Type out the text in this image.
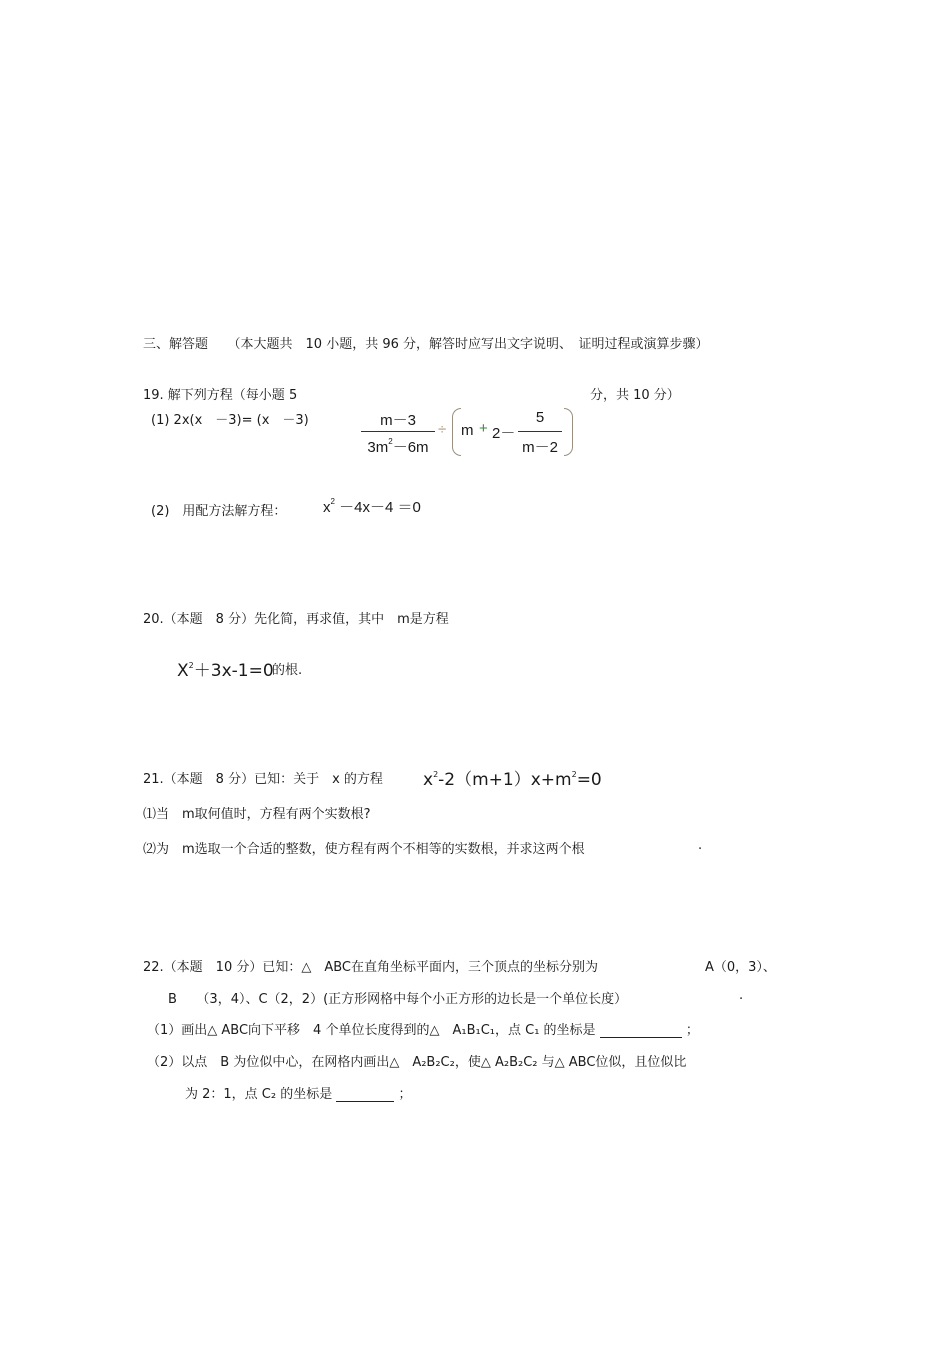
三、解答题　　 （本大题共　10 小题，共 96 分，解答时应写出文字说明、　证明过程或演算步骤）
19. 解下列方程（每小题 5	分，共 10 分）
(1) 2x(x　－3)= (x　－3)	m－3
$3m^2-6m$
÷ m + 2－
5
m－2
(2)　用配方法解方程： $x^2 -4x-4 =0$
20.（本题　8 分）先化简，再求值，其中　m是方程
$X^2+3x-1=0$
的根.
21.（本题　8 分）已知：关于　x 的方程 $x^2-2(m+1)x+m^2=0$
⑴当　m取何值时，方程有两个实数根?
⑵为　m选取一个合适的整数，使方程有两个不相等的实数根，并求这两个根	.
22.（本题　10 分）已知：△　ABC在直角坐标平面内，三个顶点的坐标分别为	A（0，3）、
B　　（3，4）、C（2，2）(正方形网格中每个小正方形的边长是一个单位长度）	.
（1）画出△ ABC向下平移　4 个单位长度得到的△　A₁B₁C₁，点 C₁ 的坐标是	；
（2）以点　B 为位似中心，在网格内画出△　A₂B₂C₂，使△ A₂B₂C₂ 与△ ABC位似，且位似比
为 2：1，点 C₂ 的坐标是	；
